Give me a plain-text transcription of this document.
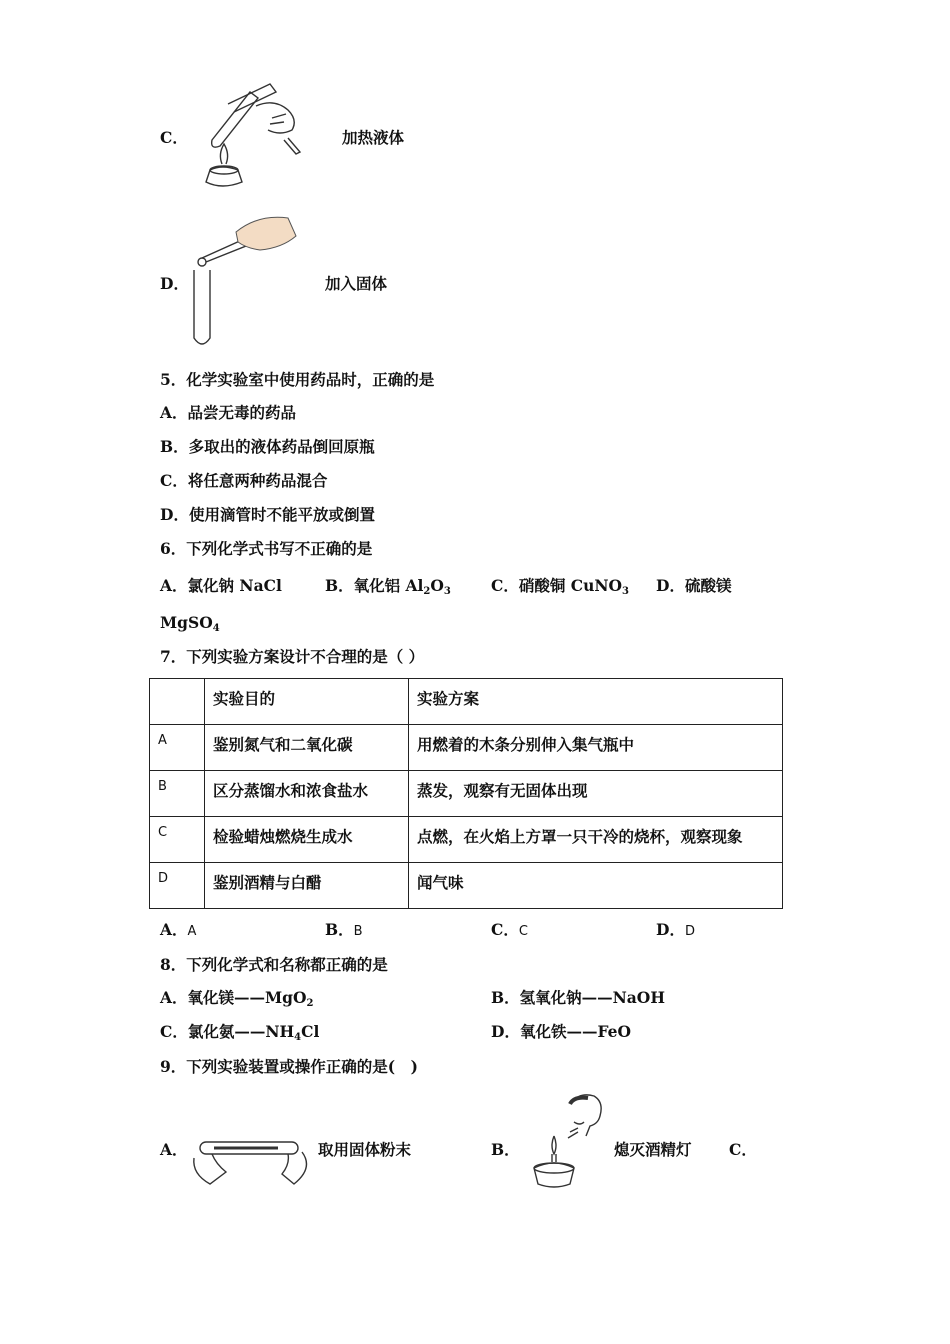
C．	加热液体
D．	加入固体
5．化学实验室中使用药品时，正确的是
A．品尝无毒的药品
B．多取出的液体药品倒回原瓶
C．将任意两种药品混合
D．使用滴管时不能平放或倒置
6．下列化学式书写不正确的是
A．氯化钠 NaCl	B．氧化铝 $Al_2O_3$	C．硝酸铜 CuNO$_3$ D．硫酸镁
MgSO$_4$
7．下列实验方案设计不合理的是（ ）
	实验目的	实验方案
A	鉴别氮气和二氧化碳	用燃着的木条分别伸入集气瓶中
B	区分蒸馏水和浓食盐水	蒸发，观察有无固体出现
C	检验蜡烛燃烧生成水	点燃，在火焰上方罩一只干冷的烧杯，观察现象
D	鉴别酒精与白醋	闻气味
A．A	B．B	C．C	D．D
8．下列化学式和名称都正确的是
A．氧化镁——MgO$_2$	B．氢氧化钠——NaOH
C．氯化氨$——NH_4Cl$	D．氧化铁——FeO
9．下列实验装置或操作正确的是(　)
A．	取用固体粉末	B．	熄灭酒精灯 C．
